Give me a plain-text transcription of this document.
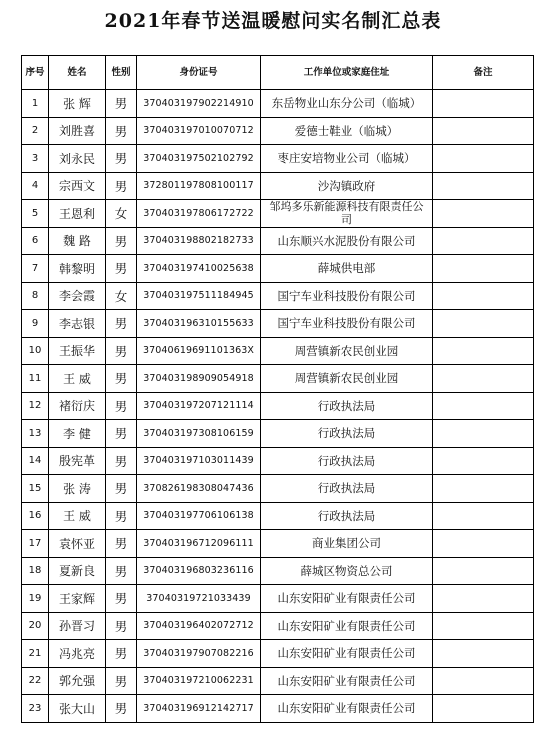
2021年春节送温暖慰问实名制汇总表
序号	姓名	性别	身份证号	工作单位或家庭住址	备注
1	张 辉	男	370403197902214910	东岳物业山东分公司（临城）	
2	刘胜喜	男	370403197010070712	爱德士鞋业（临城）	
3	刘永民	男	370403197502102792	枣庄安培物业公司（临城）	
4	宗西文	男	372801197808100117	沙沟镇政府	
5	王恩利	女	370403197806172722	邹坞多乐新能源科技有限责任公司	
6	魏 路	男	370403198802182733	山东顺兴水泥股份有限公司	
7	韩黎明	男	370403197410025638	薛城供电部	
8	李会霞	女	370403197511184945	国宁车业科技股份有限公司	
9	李志银	男	370403196310155633	国宁车业科技股份有限公司	
10	王振华	男	37040619691101363X	周营镇新农民创业园	
11	王 威	男	370403198909054918	周营镇新农民创业园	
12	褚衍庆	男	370403197207121114	行政执法局	
13	李 健	男	370403197308106159	行政执法局	
14	殷宪革	男	370403197103011439	行政执法局	
15	张 涛	男	370826198308047436	行政执法局	
16	王 威	男	370403197706106138	行政执法局	
17	袁怀亚	男	370403196712096111	商业集团公司	
18	夏新良	男	370403196803236116	薛城区物资总公司	
19	王家辉	男	37040319721033439	山东安阳矿业有限责任公司	
20	孙晋习	男	370403196402072712	山东安阳矿业有限责任公司	
21	冯兆亮	男	370403197907082216	山东安阳矿业有限责任公司	
22	郭允强	男	370403197210062231	山东安阳矿业有限责任公司	
23	张大山	男	370403196912142717	山东安阳矿业有限责任公司	
